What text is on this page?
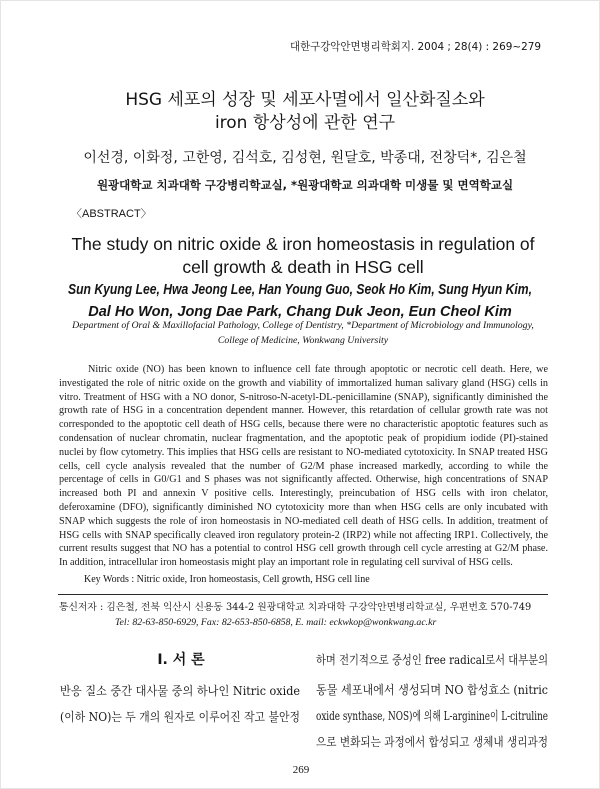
대한구강악안면병리학회지. 2004 ; 28(4) : 269~279
HSG 세포의 성장 및 세포사멸에서 일산화질소와
iron 항상성에 관한 연구
이선경, 이화정, 고한영, 김석호, 김성현, 원달호, 박종대, 전창덕*, 김은철
원광대학교 치과대학 구강병리학교실, *원광대학교 의과대학 미생물 및 면역학교실
〈ABSTRACT〉
The study on nitric oxide & iron homeostasis in regulation of
cell growth & death in HSG cell
Sun Kyung Lee, Hwa Jeong Lee, Han Young Guo, Seok Ho Kim, Sung Hyun Kim,
Dal Ho Won, Jong Dae Park, Chang Duk Jeon, Eun Cheol Kim
Department of Oral & Maxillofacial Pathology, College of Dentistry, *Department of Microbiology and Immunology,
College of Medicine, Wonkwang University
Nitric oxide (NO) has been known to influence cell fate through apoptotic or necrotic cell death. Here, we
investigated the role of nitric oxide on the growth and viability of immortalized human salivary gland (HSG) cells in
vitro. Treatment of HSG with a NO donor, S-nitroso-N-acetyl-DL-penicillamine (SNAP), significantly diminished the
growth rate of HSG in a concentration dependent manner. However, this retardation of cellular growth rate was not
corresponded to the apoptotic cell death of HSG cells, because there were no characteristic apoptotic features such as
condensation of nuclear chromatin, nuclear fragmentation, and the apoptotic peak of propidium iodide (PI)-stained
nuclei by flow cytometry. This implies that HSG cells are resistant to NO-mediated cytotoxicity. In SNAP treated HSG
cells, cell cycle analysis revealed that the number of G2/M phase increased markedly, according to while the
percentage of cells in G0/G1 and S phases was not significantly affected. Otherwise, high concentrations of SNAP
increased both PI and annexin V positive cells. Interestingly, preincubation of HSG cells with iron chelator,
deferoxamine (DFO), significantly diminished NO cytotoxicity more than when HSG cells are only incubated with
SNAP which suggests the role of iron homeostasis in NO-mediated cell death of HSG cells. In addition, treatment of
HSG cells with SNAP specifically cleaved iron regulatory protein-2 (IRP2) while not affecting IRP1. Collectively, the
current results suggest that NO has a potential to control HSG cell growth through cell cycle arresting at G2/M phase.
In addition, intracellular iron homeostasis might play an important role in regulating cell survival of HSG cells.
Key Words : Nitric oxide, Iron homeostasis, Cell growth, HSG cell line
통신저자 : 김은철, 전북 익산시 신용동 344-2 원광대학교 치과대학 구강악안면병리학교실, 우편번호 570-749
Tel: 82-63-850-6929, Fax: 82-653-850-6858, E. mail: eckwkop@wonkwang.ac.kr
I. 서 론
반응 질소 중간 대사물 중의 하나인 Nitric oxide
(이하 NO)는 두 개의 원자로 이루어진 작고 불안정
하며 전기적으로 중성인 free radical로서 대부분의
동물 세포내에서 생성되며 NO 합성효소 (nitric
oxide synthase, NOS)에 의해 L-arginine이 L-citruline
으로 변화되는 과정에서 합성되고 생체내 생리과정
269
